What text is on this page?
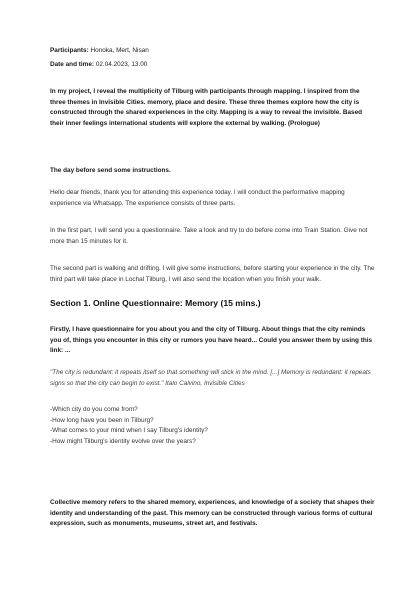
Participants: Honoka, Mert, Nisan
Date and time: 02.04.2023, 13.00

In my project, I reveal the multiplicity of Tilburg with participants through mapping. I inspired from the three themes in Invisible Cities. memory, place and desire. These three themes explore how the city is constructed through the shared experiences in the city. Mapping is a way to reveal the invisible. Based their inner feelings international students will explore the external by walking. (Prologue)

The day before send some instructions.

Hello dear friends, thank you for attending this experience today. I will conduct the performative mapping experience via Whatsapp. The experience consists of three parts.

In the first part, I will send you a questionnaire. Take a look and try to do before come into Train Station. Give not more than 15 minutes for it.

The second part is walking and drifting. I will give some instructions, before starting your experience in the city. The third part will take place in Lochal Tilburg, I will also send the location when you finish your walk.

Section 1. Online Questionnaire: Memory (15 mins.)

Firstly, I have questionnaire for you about you and the city of Tilburg. About things that the city reminds you of, things you encounter in this city or rumors you have heard... Could you answer them by using this link: ...

"The city is redundant: it repeats itself so that something will stick in the mind. [...] Memory is redundant: it repeats signs so that the city can begin to exist." Italo Calvino, Invisible Cities

-Which city do you come from?
-How long have you been in Tilburg?
-What comes to your mind when I say Tilburg's identity?
-How might Tilburg's identity evolve over the years?

Collective memory refers to the shared memory, experiences, and knowledge of a society that shapes their identity and understanding of the past. This memory can be constructed through various forms of cultural expression, such as monuments, museums, street art, and festivals.
